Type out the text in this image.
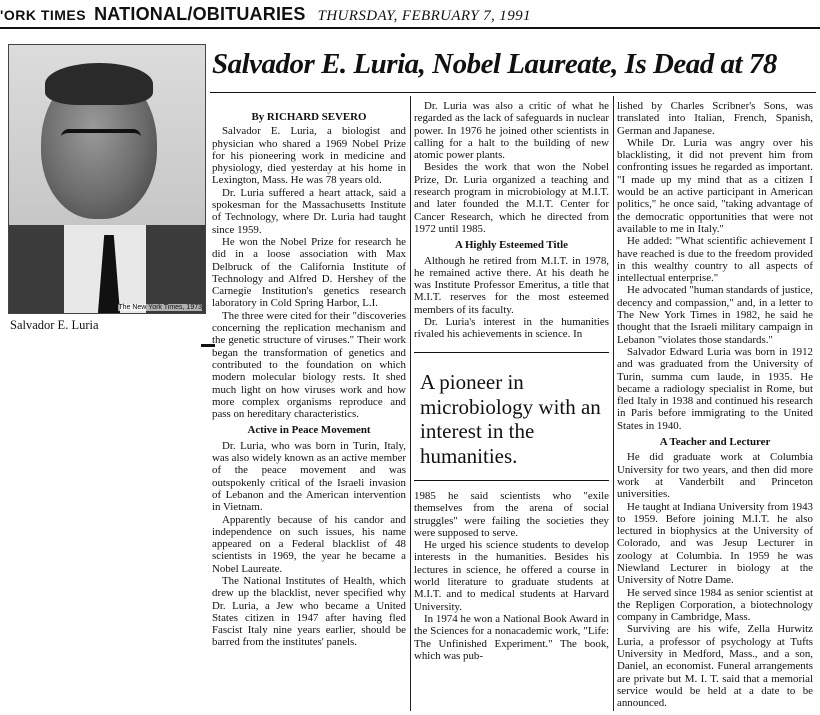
'ORK TIMES NATIONAL/OBITUARIES THURSDAY, FEBRUARY 7, 1991
The New York Times, 1973
Salvador E. Luria
Salvador E. Luria, Nobel Laureate, Is Dead at 78

By RICHARD SEVERO

Salvador E. Luria, a biologist and physician who shared a 1969 Nobel Prize for his pioneering work in medicine and physiology, died yesterday at his home in Lexington, Mass. He was 78 years old.

Dr. Luria suffered a heart attack, said a spokesman for the Massachusetts Institute of Technology, where Dr. Luria had taught since 1959.

He won the Nobel Prize for research he did in a loose association with Max Delbruck of the California Institute of Technology and Alfred D. Hershey of the Carnegie Institution's genetics research laboratory in Cold Spring Harbor, L.I.

The three were cited for their "discoveries concerning the replication mechanism and the genetic structure of viruses." Their work began the transformation of genetics and contributed to the foundation on which modern molecular biology rests. It shed much light on how viruses work and how more complex organisms reproduce and pass on hereditary characteristics.

Active in Peace Movement

Dr. Luria, who was born in Turin, Italy, was also widely known as an active member of the peace movement and was outspokenly critical of the Israeli invasion of Lebanon and the American intervention in Vietnam.

Apparently because of his candor and independence on such issues, his name appeared on a Federal blacklist of 48 scientists in 1969, the year he became a Nobel Laureate.

The National Institutes of Health, which drew up the blacklist, never specified why Dr. Luria, a Jew who became a United States citizen in 1947 after having fled Fascist Italy nine years earlier, should be barred from the institutes' panels.

Dr. Luria was also a critic of what he regarded as the lack of safeguards in nuclear power. In 1976 he joined other scientists in calling for a halt to the building of new atomic power plants.

Besides the work that won the Nobel Prize, Dr. Luria organized a teaching and research program in microbiology at M.I.T. and later founded the M.I.T. Center for Cancer Research, which he directed from 1972 until 1985.

A Highly Esteemed Title

Although he retired from M.I.T. in 1978, he remained active there. At his death he was Institute Professor Emeritus, a title that M.I.T. reserves for the most esteemed members of its faculty.

Dr. Luria's interest in the humanities rivaled his achievements in science. In

A pioneer in microbiology with an interest in the humanities.

1985 he said scientists who "exile themselves from the arena of social struggles" were failing the societies they were supposed to serve.

He urged his science students to develop interests in the humanities. Besides his lectures in science, he offered a course in world literature to graduate students at M.I.T. and to medical students at Harvard University.

In 1974 he won a National Book Award in the Sciences for a nonacademic work, "Life: The Unfinished Experiment." The book, which was pub-

lished by Charles Scribner's Sons, was translated into Italian, French, Spanish, German and Japanese.

While Dr. Luria was angry over his blacklisting, it did not prevent him from confronting issues he regarded as important. "I made up my mind that as a citizen I would be an active participant in American politics," he once said, "taking advantage of the democratic opportunities that were not available to me in Italy."

He added: "What scientific achievement I have reached is due to the freedom provided in this wealthy country to all aspects of intellectual enterprise."

He advocated "human standards of justice, decency and compassion," and, in a letter to The New York Times in 1982, he said he thought that the Israeli military campaign in Lebanon "violates those standards."

Salvador Edward Luria was born in 1912 and was graduated from the University of Turin, summa cum laude, in 1935. He became a radiology specialist in Rome, but fled Italy in 1938 and continued his research in Paris before immigrating to the United States in 1940.

A Teacher and Lecturer

He did graduate work at Columbia University for two years, and then did more work at Vanderbilt and Princeton universities.

He taught at Indiana University from 1943 to 1959. Before joining M.I.T. he also lectured in biophysics at the University of Colorado, and was Jesup Lecturer in zoology at Columbia. In 1959 he was Niewland Lecturer in biology at the University of Notre Dame.

He served since 1984 as senior scientist at the Repligen Corporation, a biotechnology company in Cambridge, Mass.

Surviving are his wife, Zella Hurwitz Luria, a professor of psychology at Tufts University in Medford, Mass., and a son, Daniel, an economist. Funeral arrangements are private but M. I. T. said that a memorial service would be held at a date to be announced.
